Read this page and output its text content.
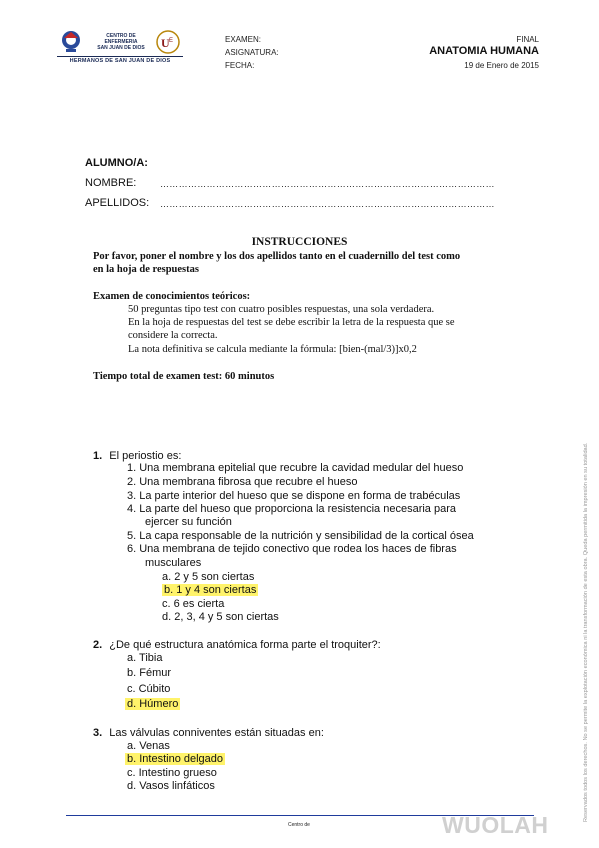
U E
CENTRO DE
ENFERMERIA
SAN JUAN DE DIOS
HERMANOS DE SAN JUAN DE DIOS
EXAMEN:
ASIGNATURA:
FECHA:
FINAL
ANATOMIA HUMANA
19 de Enero de 2015
ALUMNO/A:
NOMBRE:	………………………………………………………………………………………………
APELLIDOS: ………………………………………………………………………………………………
INSTRUCCIONES
Por favor, poner el nombre y los dos apellidos tanto en el cuadernillo del test como
en la hoja de respuestas
Examen de conocimientos teóricos:
50 preguntas tipo test con cuatro posibles respuestas, una sola verdadera.
En la hoja de respuestas del test se debe escribir la letra de la respuesta que se
considere la correcta.
La nota definitiva se calcula mediante la fórmula: [bien-(mal/3)]x0,2
Tiempo total de examen test: 60 minutos
1. El periostio es:
1. Una membrana epitelial que recubre la cavidad medular del hueso
2. Una membrana fibrosa que recubre el hueso
3. La parte interior del hueso que se dispone en forma de trabéculas
4. La parte del hueso que proporciona la resistencia necesaria para
ejercer su función
5. La capa responsable de la nutrición y sensibilidad de la cortical ósea
6. Una membrana de tejido conectivo que rodea los haces de fibras
musculares
a. 2 y 5 son ciertas
b. 1 y 4 son ciertas
c. 6 es cierta
d. 2, 3, 4 y 5 son ciertas
2. ¿De qué estructura anatómica forma parte el troquiter?:
a. Tibia
b. Fémur
c. Cúbito
d. Húmero
3. Las válvulas conniventes están situadas en:
a. Venas
b. Intestino delgado
c. Intestino grueso
d. Vasos linfáticos
Centro de	WUOLAH
Reservados todos los derechos. No se permite la explotación económica ni la transformación de esta obra. Queda permitida la impresión en su totalidad.
